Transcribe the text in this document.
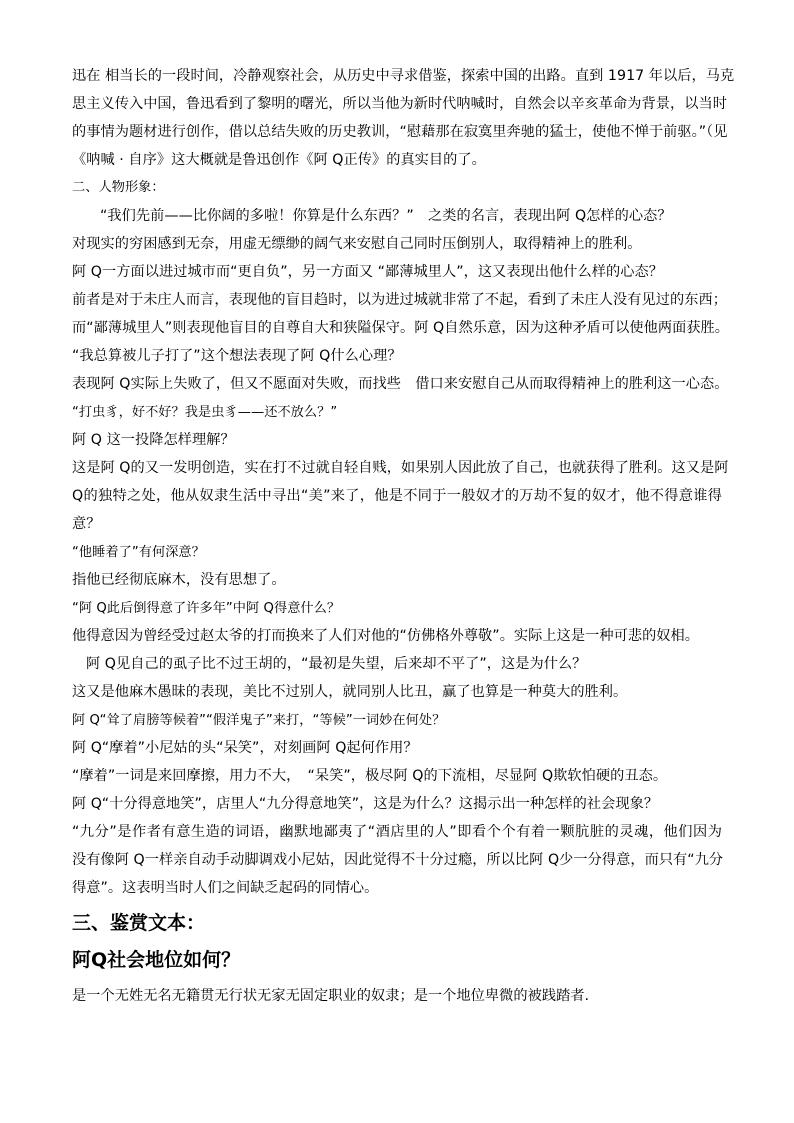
迅在 相当长的一段时间，冷静观察社会，从历史中寻求借鉴，探索中国的出路。直到 1917 年以后，马克
思主义传入中国，鲁迅看到了黎明的曙光，所以当他为新时代呐喊时，自然会以辛亥革命为背景，以当时
的事情为题材进行创作，借以总结失败的历史教训，“慰藉那在寂寞里奔驰的猛士，使他不惮于前驱。”（见
《呐喊 · 自序》这大概就是鲁迅创作《阿 Q正传》的真实目的了。
二、人物形象：
“我们先前——比你阔的多啦！你算是什么东西？”　之类的名言，表现出阿 Q怎样的心态？
对现实的穷困感到无奈，用虚无缥缈的阔气来安慰自己同时压倒别人，取得精神上的胜利。
阿 Q一方面以进过城市而“更自负”，另一方面又 “鄙薄城里人”，这又表现出他什么样的心态？
前者是对于未庄人而言，表现他的盲目趋时，以为进过城就非常了不起，看到了未庄人没有见过的东西；
而“鄙薄城里人”则表现他盲目的自尊自大和狭隘保守。阿 Q自然乐意，因为这种矛盾可以使他两面获胜。
“我总算被儿子打了”这个想法表现了阿 Q什么心理？
表现阿 Q实际上失败了，但又不愿面对失败，而找些　借口来安慰自己从而取得精神上的胜利这一心态。
“打虫豸，好不好？我是虫豸——还不放么？”
阿 Q 这一投降怎样理解？
这是阿 Q的又一发明创造，实在打不过就自轻自贱，如果别人因此放了自己，也就获得了胜利。这又是阿
Q的独特之处，他从奴隶生活中寻出“美”来了，他是不同于一般奴才的万劫不复的奴才，他不得意谁得
意？
“他睡着了”有何深意？
指他已经彻底麻木，没有思想了。
“阿 Q此后倒得意了许多年”中阿 Q得意什么？
他得意因为曾经受过赵太爷的打而换来了人们对他的“仿佛格外尊敬”。实际上这是一种可悲的奴相。
阿 Q见自己的虱子比不过王胡的，“最初是失望，后来却不平了”，这是为什么？
这又是他麻木愚昧的表现，美比不过别人，就同别人比丑，赢了也算是一种莫大的胜利。
阿 Q“耸了肩膀等候着”“假洋鬼子”来打，“等候”一词妙在何处？
阿 Q“摩着”小尼姑的头“呆笑”，对刻画阿 Q起何作用？
“摩着”一词是来回摩擦，用力不大，　“呆笑”，极尽阿 Q的下流相，尽显阿 Q欺软怕硬的丑态。
阿 Q“十分得意地笑”，店里人“九分得意地笑”，这是为什么？这揭示出一种怎样的社会现象？
“九分”是作者有意生造的词语，幽默地鄙夷了“酒店里的人”即看个个有着一颗肮脏的灵魂，他们因为
没有像阿 Q一样亲自动手动脚调戏小尼姑，因此觉得不十分过瘾，所以比阿 Q少一分得意，而只有“九分
得意”。这表明当时人们之间缺乏起码的同情心。
三、鉴赏文本：
阿Q社会地位如何？
是一个无姓无名无籍贯无行状无家无固定职业的奴隶；是一个地位卑微的被践踏者.
